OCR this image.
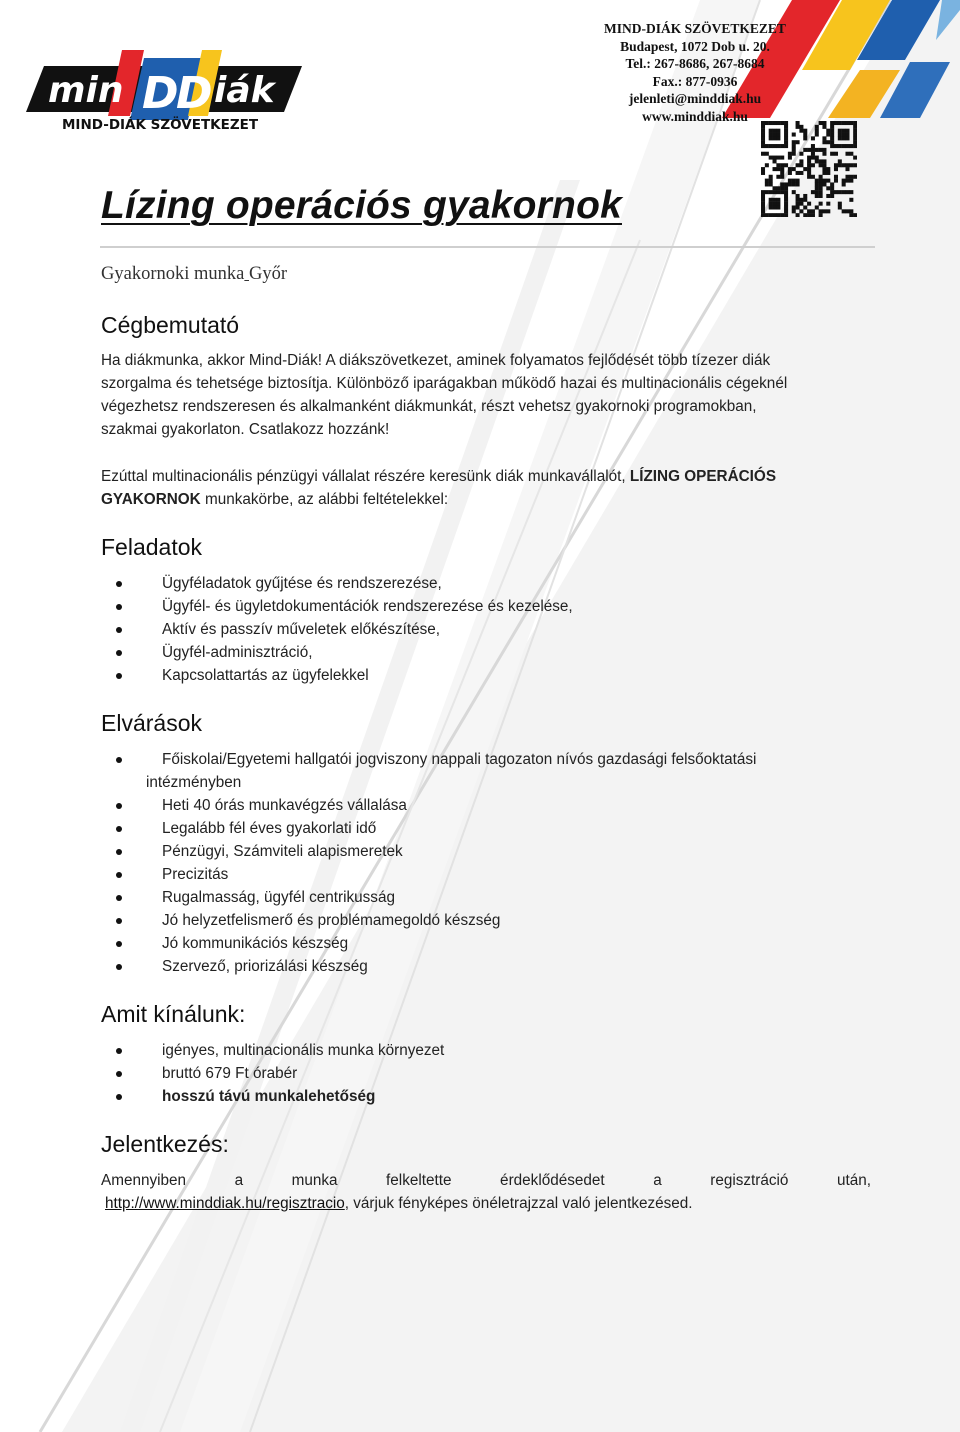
min D
D iák
MIND-DIÁK SZÖVETKEZET
MIND-DIÁK SZÖVETKEZET
Budapest, 1072 Dob u. 20.
Tel.: 267-8686, 267-8684
Fax.: 877-0936
jelenleti@minddiak.hu
www.minddiak.hu
Lízing operációs gyakornok
Gyakornoki munka Győr
Cégbemutató
Ha diákmunka, akkor Mind-Diák! A diákszövetkezet, aminek folyamatos fejlődését több tízezer diák
szorgalma és tehetsége biztosítja. Különböző iparágakban működő hazai és multinacionális cégeknél
végezhetsz rendszeresen és alkalmanként diákmunkát, részt vehetsz gyakornoki programokban,
szakmai gyakorlaton. Csatlakozz hozzánk!
Ezúttal multinacionális pénzügyi vállalat részére keresünk diák munkavállalót, LÍZING OPERÁCIÓS
GYAKORNOK munkakörbe, az alábbi feltételekkel:
Feladatok
Ügyféladatok gyűjtése és rendszerezése,
Ügyfél- és ügyletdokumentációk rendszerezése és kezelése,
Aktív és passzív műveletek előkészítése,
Ügyfél-adminisztráció,
Kapcsolattartás az ügyfelekkel
Elvárások
Főiskolai/Egyetemi hallgatói jogviszony nappali tagozaton nívós gazdasági felsőoktatási
intézményben
Heti 40 órás munkavégzés vállalása
Legalább fél éves gyakorlati idő
Pénzügyi, Számviteli alapismeretek
Precizitás
Rugalmasság, ügyfél centrikusság
Jó helyzetfelismerő és problémamegoldó készség
Jó kommunikációs készség
Szervező, priorizálási készség
Amit kínálunk:
igényes, multinacionális munka környezet
bruttó 679 Ft órabér
hosszú távú munkalehetőség
Jelentkezés:
Amennyiben a munka felkeltette érdeklődésedet a regisztráció után,
http://www.minddiak.hu/regisztracio, várjuk fényképes önéletrajzzal való jelentkezésed.
